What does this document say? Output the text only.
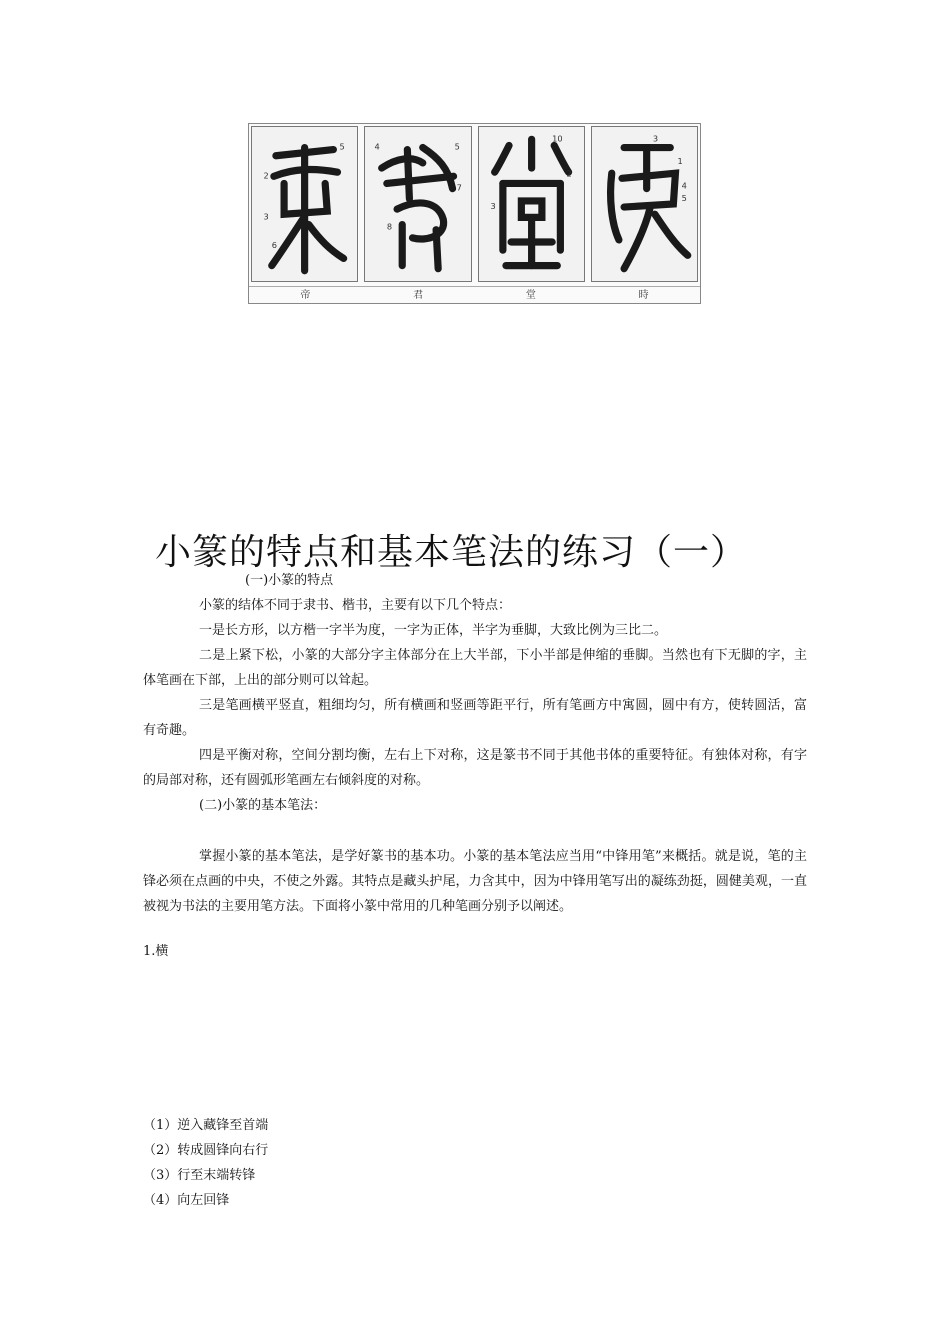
2
5
3
6
4	5
7
8
10
2
3
3
1
4
5
帝	君	堂	時
小篆的特点和基本笔法的练习（一）

(一)小篆的特点

小篆的结体不同于隶书、楷书，主要有以下几个特点：

一是长方形，以方楷一字半为度，一字为正体，半字为垂脚，大致比例为三比二。

二是上紧下松，小篆的大部分字主体部分在上大半部，下小半部是伸缩的垂脚。当然也有下无脚的字，主体笔画在下部，上出的部分则可以耸起。

三是笔画横平竖直，粗细均匀，所有横画和竖画等距平行，所有笔画方中寓圆，圆中有方，使转圆活，富有奇趣。

四是平衡对称，空间分割均衡，左右上下对称，这是篆书不同于其他书体的重要特征。有独体对称，有字的局部对称，还有圆弧形笔画左右倾斜度的对称。

(二)小篆的基本笔法：

掌握小篆的基本笔法，是学好篆书的基本功。小篆的基本笔法应当用“中锋用笔”来概括。就是说，笔的主锋必须在点画的中央，不使之外露。其特点是藏头护尾，力含其中，因为中锋用笔写出的凝练劲挺，圆健美观，一直被视为书法的主要用笔方法。下面将小篆中常用的几种笔画分别予以阐述。

1.横
（1）逆入藏锋至首端
（2）转成圆锋向右行
（3）行至末端转锋
（4）向左回锋
